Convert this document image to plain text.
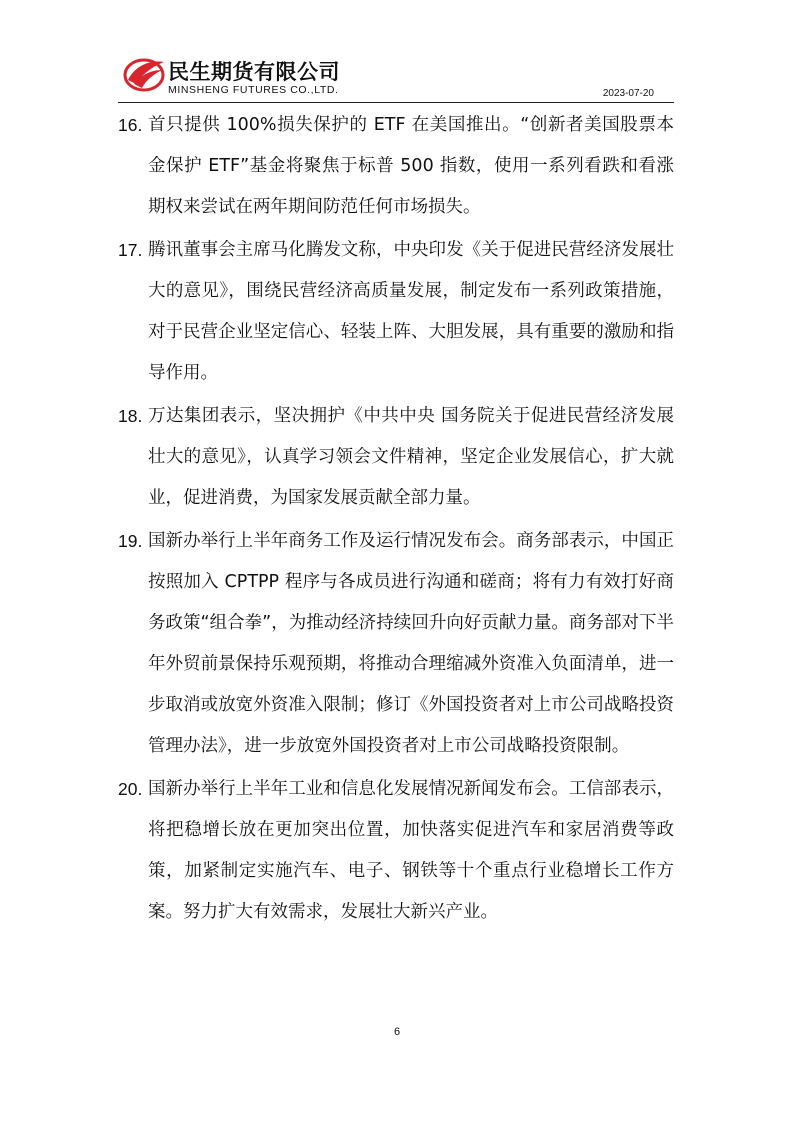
民生期货有限公司
MINSHENG FUTURES CO.,LTD.	2023-07-20
16. 首只提供 100%损失保护的 ETF 在美国推出。“创新者美国股票本金保护 ETF”基金将聚焦于标普 500 指数，使用一系列看跌和看涨期权来尝试在两年期间防范任何市场损失。
17. 腾讯董事会主席马化腾发文称，中央印发《关于促进民营经济发展壮大的意见》，围绕民营经济高质量发展，制定发布一系列政策措施，对于民营企业坚定信心、轻装上阵、大胆发展，具有重要的激励和指导作用。
18. 万达集团表示，坚决拥护《中共中央 国务院关于促进民营经济发展壮大的意见》，认真学习领会文件精神，坚定企业发展信心，扩大就业，促进消费，为国家发展贡献全部力量。
19. 国新办举行上半年商务工作及运行情况发布会。商务部表示，中国正按照加入 CPTPP 程序与各成员进行沟通和磋商；将有力有效打好商务政策“组合拳”，为推动经济持续回升向好贡献力量。商务部对下半年外贸前景保持乐观预期，将推动合理缩减外资准入负面清单，进一步取消或放宽外资准入限制；修订《外国投资者对上市公司战略投资管理办法》，进一步放宽外国投资者对上市公司战略投资限制。
20. 国新办举行上半年工业和信息化发展情况新闻发布会。工信部表示，将把稳增长放在更加突出位置，加快落实促进汽车和家居消费等政策，加紧制定实施汽车、电子、钢铁等十个重点行业稳增长工作方案。努力扩大有效需求，发展壮大新兴产业。
6
